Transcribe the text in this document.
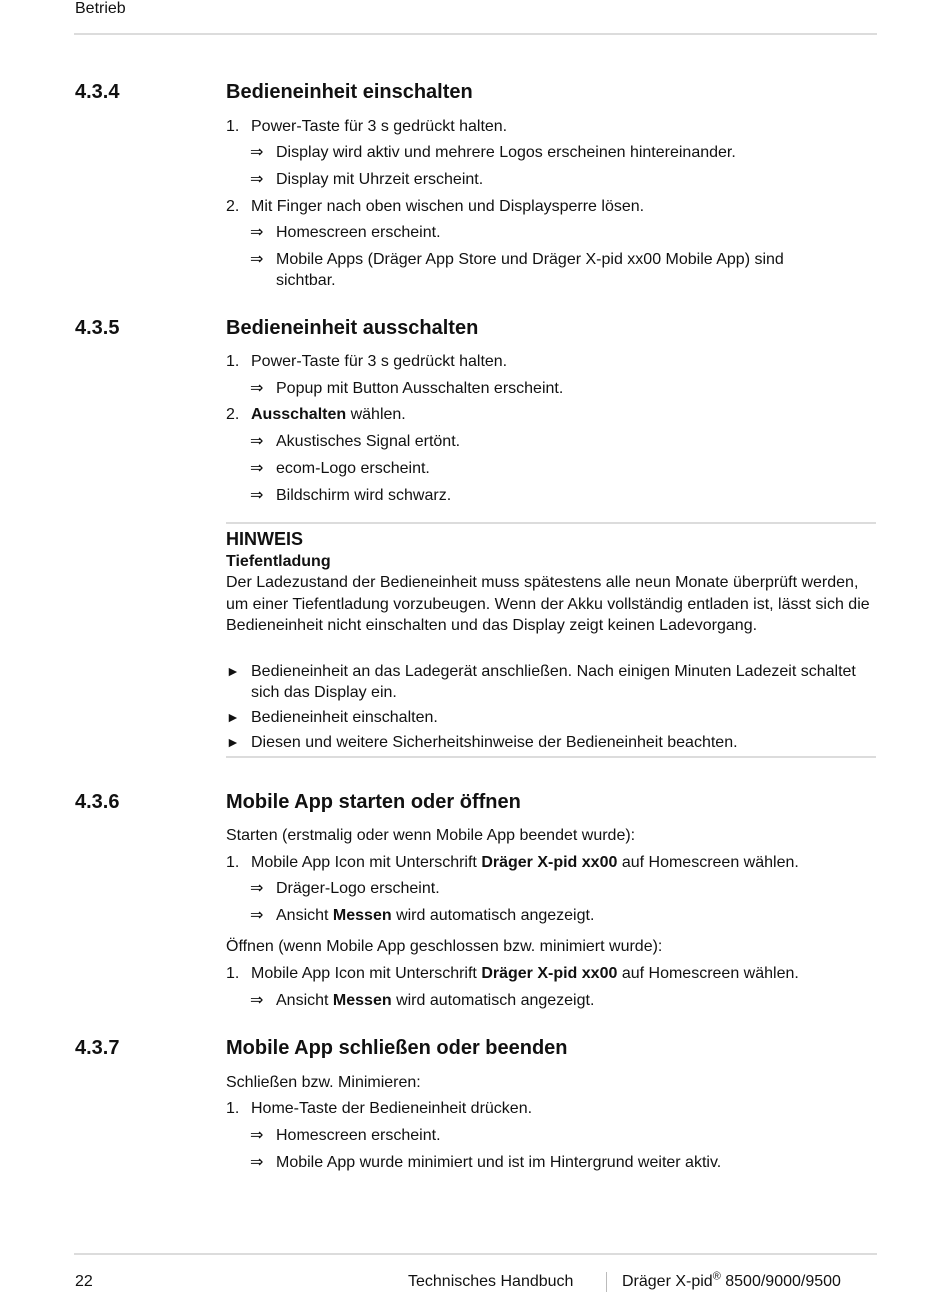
Betrieb
4.3.4	Bedieneinheit einschalten
1. Power-Taste für 3 s gedrückt halten.
⇒ Display wird aktiv und mehrere Logos erscheinen hintereinander.
⇒ Display mit Uhrzeit erscheint.
2. Mit Finger nach oben wischen und Displaysperre lösen.
⇒ Homescreen erscheint.
⇒ Mobile Apps (Dräger App Store und Dräger X-pid xx00 Mobile App) sind sichtbar.
4.3.5	Bedieneinheit ausschalten
1. Power-Taste für 3 s gedrückt halten.
⇒ Popup mit Button Ausschalten erscheint.
2. Ausschalten wählen.
⇒ Akustisches Signal ertönt.
⇒ ecom-Logo erscheint.
⇒ Bildschirm wird schwarz.
HINWEIS
Tiefentladung
Der Ladezustand der Bedieneinheit muss spätestens alle neun Monate überprüft werden, um einer Tiefentladung vorzubeugen. Wenn der Akku vollständig entladen ist, lässt sich die Bedieneinheit nicht einschalten und das Display zeigt keinen Ladevorgang.
► Bedieneinheit an das Ladegerät anschließen. Nach einigen Minuten Ladezeit schaltet sich das Display ein.
► Bedieneinheit einschalten.
► Diesen und weitere Sicherheitshinweise der Bedieneinheit beachten.
4.3.6	Mobile App starten oder öffnen
Starten (erstmalig oder wenn Mobile App beendet wurde):
1. Mobile App Icon mit Unterschrift Dräger X-pid xx00 auf Homescreen wählen.
⇒ Dräger-Logo erscheint.
⇒ Ansicht Messen wird automatisch angezeigt.
Öffnen (wenn Mobile App geschlossen bzw. minimiert wurde):
1. Mobile App Icon mit Unterschrift Dräger X-pid xx00 auf Homescreen wählen.
⇒ Ansicht Messen wird automatisch angezeigt.
4.3.7	Mobile App schließen oder beenden
Schließen bzw. Minimieren:
1. Home-Taste der Bedieneinheit drücken.
⇒ Homescreen erscheint.
⇒ Mobile App wurde minimiert und ist im Hintergrund weiter aktiv.
22	Technisches Handbuch	Dräger X-pid® 8500/9000/9500
